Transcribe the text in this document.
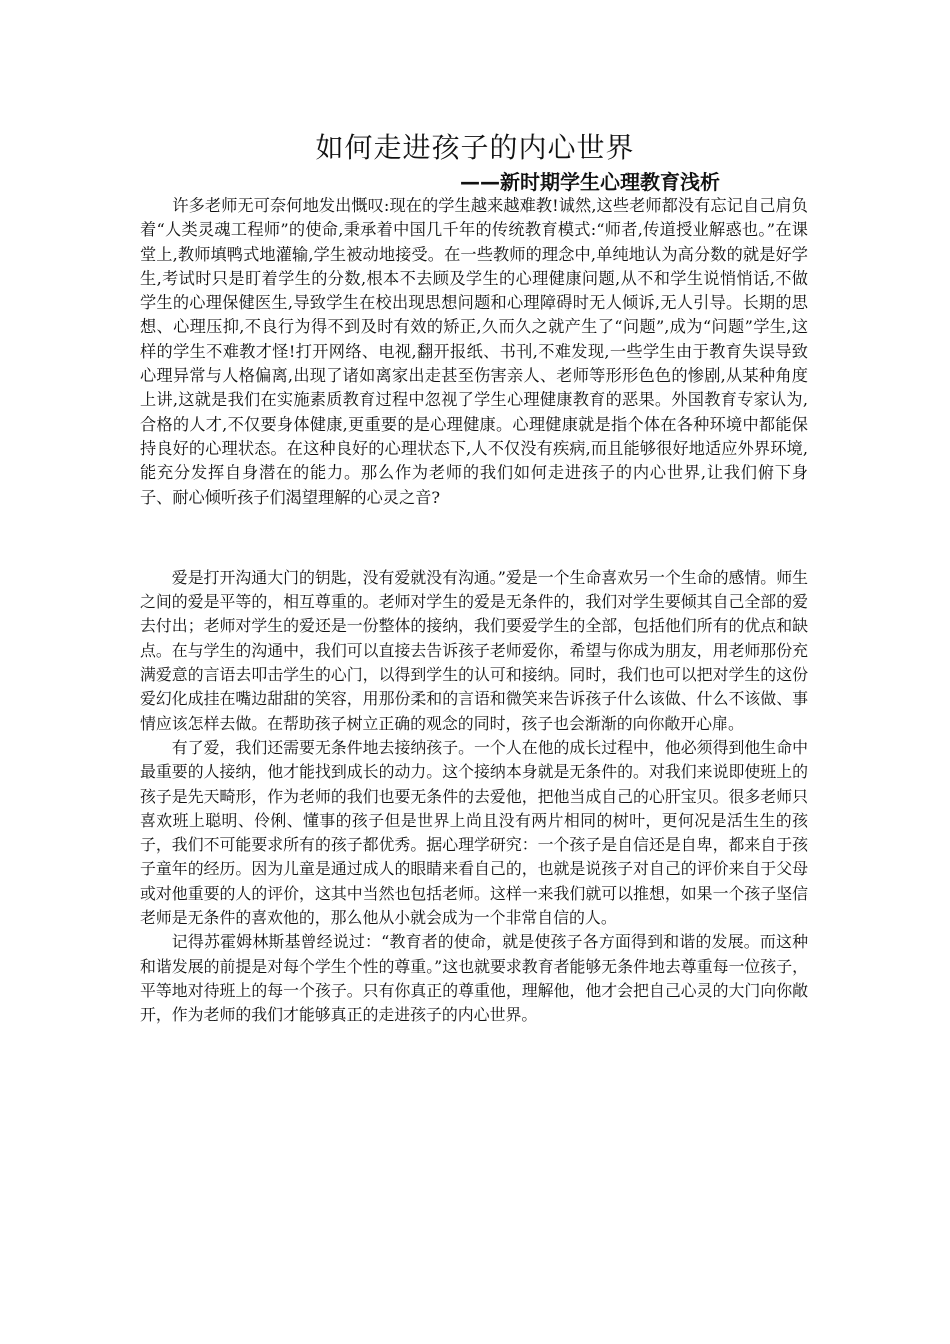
如何走进孩子的内心世界
——新时期学生心理教育浅析

许多老师无可奈何地发出慨叹:现在的学生越来越难教!诚然,这些老师都没有忘记自己肩负着“人类灵魂工程师”的使命,秉承着中国几千年的传统教育模式:“师者,传道授业解惑也。”在课堂上,教师填鸭式地灌输,学生被动地接受。在一些教师的理念中,单纯地认为高分数的就是好学生,考试时只是盯着学生的分数,根本不去顾及学生的心理健康问题,从不和学生说悄悄话,不做学生的心理保健医生,导致学生在校出现思想问题和心理障碍时无人倾诉,无人引导。长期的思想、心理压抑,不良行为得不到及时有效的矫正,久而久之就产生了“问题”,成为“问题”学生,这样的学生不难教才怪!打开网络、电视,翻开报纸、书刊,不难发现,一些学生由于教育失误导致心理异常与人格偏离,出现了诸如离家出走甚至伤害亲人、老师等形形色色的惨剧,从某种角度上讲,这就是我们在实施素质教育过程中忽视了学生心理健康教育的恶果。外国教育专家认为,合格的人才,不仅要身体健康,更重要的是心理健康。心理健康就是指个体在各种环境中都能保持良好的心理状态。在这种良好的心理状态下,人不仅没有疾病,而且能够很好地适应外界环境,能充分发挥自身潜在的能力。那么作为老师的我们如何走进孩子的内心世界,让我们俯下身子、耐心倾听孩子们渴望理解的心灵之音?

爱是打开沟通大门的钥匙，没有爱就没有沟通。”爱是一个生命喜欢另一个生命的感情。师生之间的爱是平等的，相互尊重的。老师对学生的爱是无条件的，我们对学生要倾其自己全部的爱去付出；老师对学生的爱还是一份整体的接纳，我们要爱学生的全部，包括他们所有的优点和缺点。在与学生的沟通中，我们可以直接去告诉孩子老师爱你，希望与你成为朋友，用老师那份充满爱意的言语去叩击学生的心门，以得到学生的认可和接纳。同时，我们也可以把对学生的这份爱幻化成挂在嘴边甜甜的笑容，用那份柔和的言语和微笑来告诉孩子什么该做、什么不该做、事情应该怎样去做。在帮助孩子树立正确的观念的同时，孩子也会渐渐的向你敞开心扉。

有了爱，我们还需要无条件地去接纳孩子。一个人在他的成长过程中，他必须得到他生命中最重要的人接纳，他才能找到成长的动力。这个接纳本身就是无条件的。对我们来说即使班上的孩子是先天畸形，作为老师的我们也要无条件的去爱他，把他当成自己的心肝宝贝。很多老师只喜欢班上聪明、伶俐、懂事的孩子但是世界上尚且没有两片相同的树叶，更何况是活生生的孩子，我们不可能要求所有的孩子都优秀。据心理学研究：一个孩子是自信还是自卑，都来自于孩子童年的经历。因为儿童是通过成人的眼睛来看自己的，也就是说孩子对自己的评价来自于父母或对他重要的人的评价，这其中当然也包括老师。这样一来我们就可以推想，如果一个孩子坚信老师是无条件的喜欢他的，那么他从小就会成为一个非常自信的人。

记得苏霍姆林斯基曾经说过：“教育者的使命，就是使孩子各方面得到和谐的发展。而这种和谐发展的前提是对每个学生个性的尊重。”这也就要求教育者能够无条件地去尊重每一位孩子，平等地对待班上的每一个孩子。只有你真正的尊重他，理解他，他才会把自己心灵的大门向你敞开，作为老师的我们才能够真正的走进孩子的内心世界。
